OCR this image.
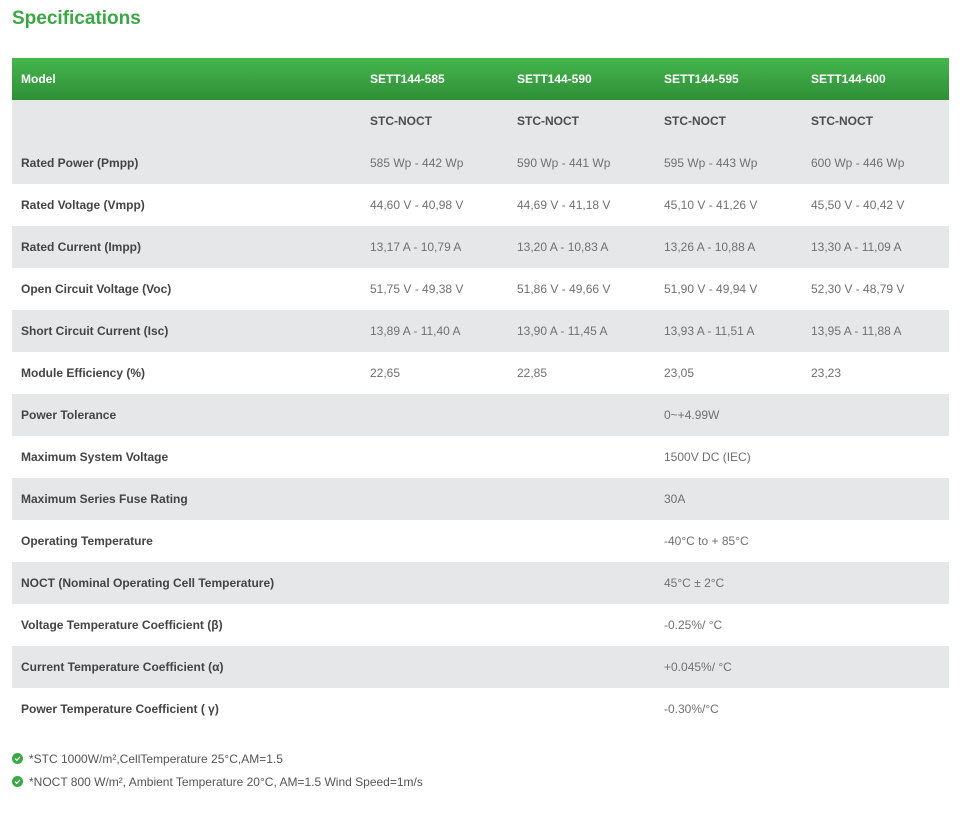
Specifications
Model	SETT144-585	SETT144-590	SETT144-595	SETT144-600
	STC-NOCT	STC-NOCT	STC-NOCT	STC-NOCT
Rated Power (Pmpp)	585 Wp - 442 Wp	590 Wp - 441 Wp	595 Wp - 443 Wp	600 Wp - 446 Wp
Rated Voltage (Vmpp)	44,60 V - 40,98 V	44,69 V - 41,18 V	45,10 V - 41,26 V	45,50 V - 40,42 V
Rated Current (Impp)	13,17 A - 10,79 A	13,20 A - 10,83 A	13,26 A - 10,88 A	13,30 A - 11,09 A
Open Circuit Voltage (Voc)	51,75 V - 49,38 V	51,86 V - 49,66 V	51,90 V - 49,94 V	52,30 V - 48,79 V
Short Circuit Current (Isc)	13,89 A - 11,40 A	13,90 A - 11,45 A	13,93 A - 11,51 A	13,95 A - 11,88 A
Module Efficiency (%)	22,65	22,85	23,05	23,23
Power Tolerance			0~+4.99W	
Maximum System Voltage			1500V DC (IEC)	
Maximum Series Fuse Rating			30A	
Operating Temperature			-40°C to + 85°C	
NOCT (Nominal Operating Cell Temperature)			45°C ± 2°C	
Voltage Temperature Coefficient (β)			-0.25%/ °C	
Current Temperature Coefficient (α)			+0.045%/ °C	
Power Temperature Coefficient ( γ)			-0.30%/°C	
*STC 1000W/m²,CellTemperature 25°C,AM=1.5
*NOCT 800 W/m², Ambient Temperature 20°C, AM=1.5 Wind Speed=1m/s
